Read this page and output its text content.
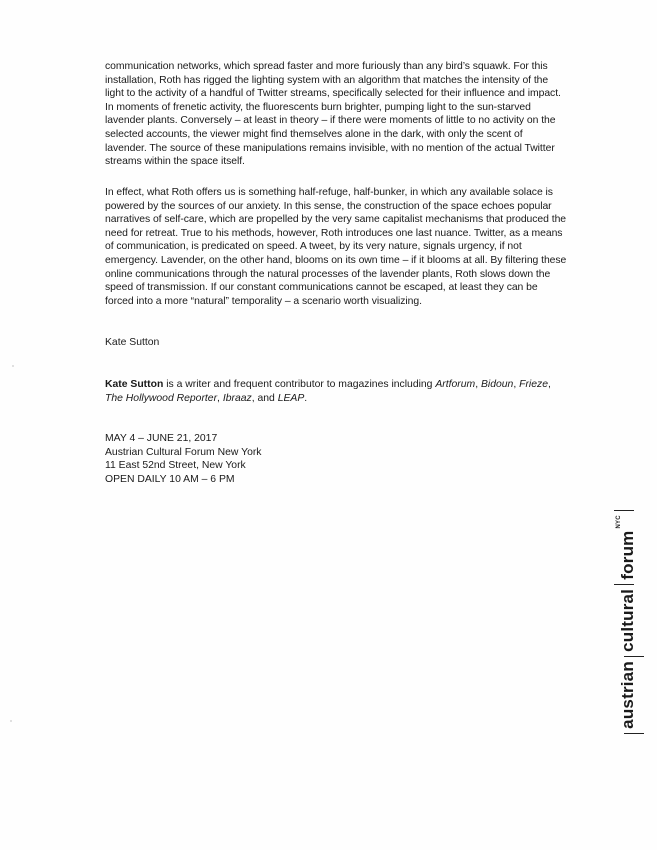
communication networks, which spread faster and more furiously than any bird’s squawk. For this installation, Roth has rigged the lighting system with an algorithm that matches the intensity of the light to the activity of a handful of Twitter streams, specifically selected for their influence and impact. In moments of frenetic activity, the fluorescents burn brighter, pumping light to the sun-starved lavender plants. Conversely – at least in theory – if there were moments of little to no activity on the selected accounts, the viewer might find themselves alone in the dark, with only the scent of lavender. The source of these manipulations remains invisible, with no mention of the actual Twitter streams within the space itself.

In effect, what Roth offers us is something half-refuge, half-bunker, in which any available solace is powered by the sources of our anxiety. In this sense, the construction of the space echoes popular narratives of self-care, which are propelled by the very same capitalist mechanisms that produced the need for retreat. True to his methods, however, Roth introduces one last nuance. Twitter, as a means of communication, is predicated on speed. A tweet, by its very nature, signals urgency, if not emergency. Lavender, on the other hand, blooms on its own time – if it blooms at all. By filtering these online communications through the natural processes of the lavender plants, Roth slows down the speed of transmission. If our constant communications cannot be escaped, at least they can be forced into a more “natural” temporality – a scenario worth visualizing.

Kate Sutton

Kate Sutton is a writer and frequent contributor to magazines including Artforum, Bidoun, Frieze, The Hollywood Reporter, Ibraaz, and LEAP.

MAY 4 – JUNE 21, 2017
Austrian Cultural Forum New York
11 East 52nd Street, New York
OPEN DAILY 10 AM – 6 PM
austrian
cultural
forum
NYC
